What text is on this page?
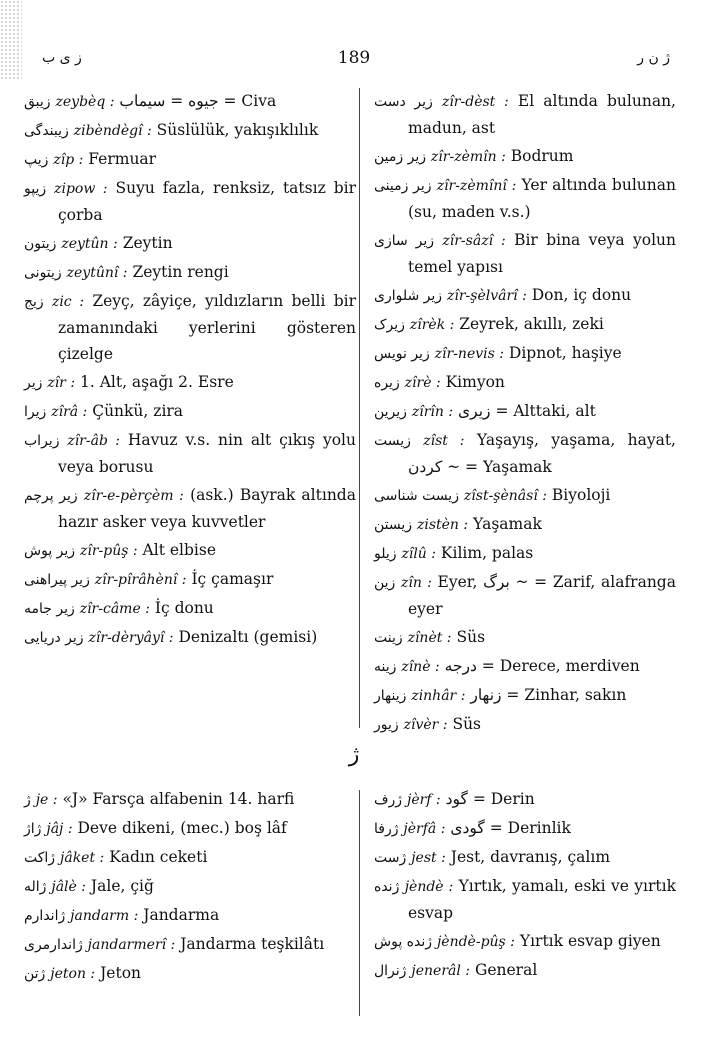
ز ی ب	189	ژ ن ر
زیبق zeybèq : جیوه = سیماب = Civa
زیبندگی zibèndègî : Süslülük, yakışıklılık
زیپ zîp : Fermuar
زیپو zipow : Suyu fazla, renksiz, tatsız bir çorba
زیتون zeytûn : Zeytin
زیتونی zeytûnî : Zeytin rengi
زیج zic : Zeyç, zâyiçe, yıldızların belli bir zamanındaki yerlerini gösteren çizelge
زیر zîr : 1. Alt, aşağı 2. Esre
زیرا zîrâ : Çünkü, zira
زیراب zîr-âb : Havuz v.s. nin alt çıkış yolu veya borusu
زیر پرچم zîr-e-pèrçèm : (ask.) Bayrak altında hazır asker veya kuvvetler
زیر پوش zîr-pûş : Alt elbise
زیر پیراهنی zîr-pîrâhènî : İç çamaşır
زیر جامه zîr-câme : İç donu
زیر دریایی zîr-dèryâyî : Denizaltı (gemisi)
زیر دست zîr-dèst : El altında bulunan, madun, ast
زیر زمین zîr-zèmîn : Bodrum
زیر زمینی zîr-zèmînî : Yer altında bulunan (su, maden v.s.)
زیر سازی zîr-sâzî : Bir bina veya yolun temel yapısı
زیر شلواری zîr-şèlvârî : Don, iç donu
زیرک zîrèk : Zeyrek, akıllı, zeki
زیر نویس zîr-nevis : Dipnot, haşiye
زیره zîrè : Kimyon
زیرین zîrîn : زیری = Alttaki, alt
زیست zîst : Yaşayış, yaşama, hayat, کردن ~ = Yaşamak
زیست شناسی zîst-şènâsî : Biyoloji
زیستن zistèn : Yaşamak
زیلو zîlû : Kilim, palas
زین zîn : Eyer, برگ ~ = Zarif, alafranga eyer
زینت zînèt : Süs
زینه zînè : درجه = Derece, merdiven
زینهار zinhâr : زنهار = Zinhar, sakın
زیور zîvèr : Süs
ژ
ژ je : «J» Farsça alfabenin 14. harfi
ژاژ jâj : Deve dikeni, (mec.) boş lâf
ژاکت jâket : Kadın ceketi
ژاله jâlè : Jale, çiğ
ژاندارم jandarm : Jandarma
ژاندارمری jandarmerî : Jandarma teşkilâtı
ژتن jeton : Jeton
ژرف jèrf : گود = Derin
ژرفا jèrfâ : گودی = Derinlik
ژست jest : Jest, davranış, çalım
ژنده jèndè : Yırtık, yamalı, eski ve yırtık esvap
ژنده پوش jèndè-pûş : Yırtık esvap giyen
ژنرال jenerâl : General
